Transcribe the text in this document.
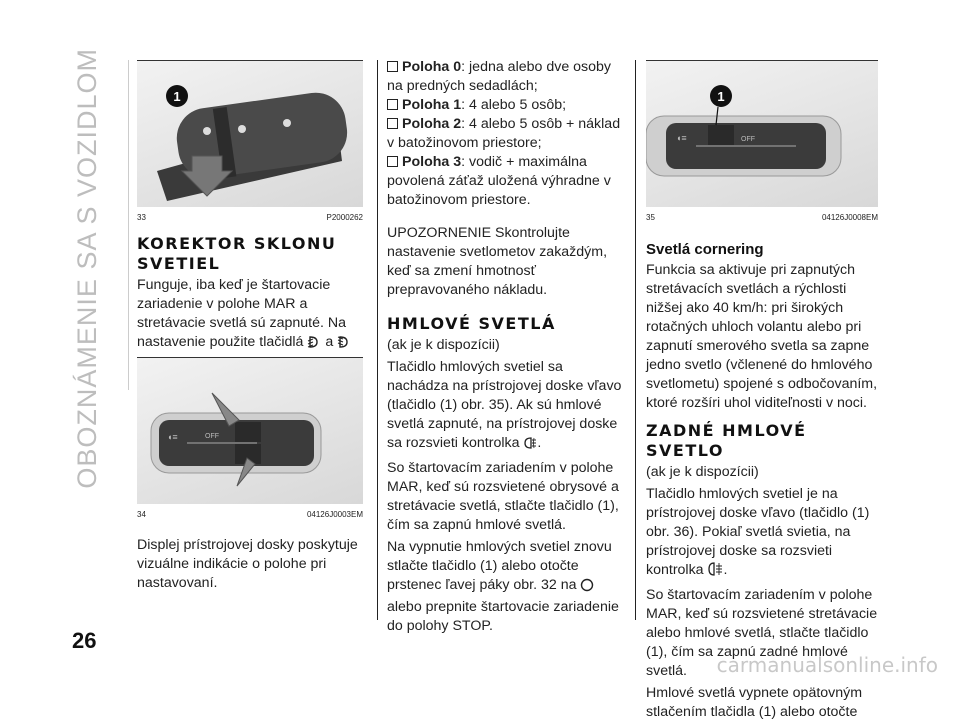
OBOZNÁMENIE SA S VOZIDLOM	1
33	P2000262
KOREKTOR SKLONU SVETIEL

Funguje, iba keď je štartovacie zariadenie v polohe MAR a stretávacie svetlá sú zapnuté. Na nastavenie použite tlačidlá a

◖≡	OFF
34	04126J0003EM

Displej prístrojovej dosky poskytuje vizuálne indikácie o polohe pri nastavovaní.

Poloha 0: jedna alebo dve osoby na predných sedadlách;
Poloha 1: 4 alebo 5 osôb;
Poloha 2: 4 alebo 5 osôb + náklad v batožinovom priestore;
Poloha 3: vodič + maximálna povolená záťaž uložená výhradne v batožinovom priestore.

UPOZORNENIE Skontrolujte nastavenie svetlometov zakaždým, keď sa zmení hmotnosť prepravovaného nákladu.

HMLOVÉ SVETLÁ

(ak je k dispozícii)

Tlačidlo hmlových svetiel sa nachádza na prístrojovej doske vľavo (tlačidlo (1) obr. 35). Ak sú hmlové svetlá zapnuté, na prístrojovej doske sa rozsvieti kontrolka .

So štartovacím zariadením v polohe MAR, keď sú rozsvietené obrysové a stretávacie svetlá, stlačte tlačidlo (1), čím sa zapnú hmlové svetlá.

Na vypnutie hmlových svetiel znovu stlačte tlačidlo (1) alebo otočte prstenec ľavej páky obr. 32 na  alebo prepnite štartovacie zariadenie do polohy STOP.

◖≡	OFF
1
35	04126J0008EM
Svetlá cornering

Funkcia sa aktivuje pri zapnutých stretávacích svetlách a rýchlosti nižšej ako 40 km/h: pri širokých rotačných uhloch volantu alebo pri zapnutí smerového svetla sa zapne jedno svetlo (včlenené do hmlového svetlometu) spojené s odbočovaním, ktoré rozšíri uhol viditeľnosti v noci.

ZADNÉ HMLOVÉ SVETLO

(ak je k dispozícii)

Tlačidlo hmlových svetiel je na prístrojovej doske vľavo (tlačidlo (1) obr. 36). Pokiaľ svetlá svietia, na prístrojovej doske sa rozsvieti kontrolka .

So štartovacím zariadením v polohe MAR, keď sú rozsvietené stretávacie alebo hmlové svetlá, stlačte tlačidlo (1), čím sa zapnú zadné hmlové svetlá.

Hmlové svetlá vypnete opätovným stlačením tlačidla (1) alebo otočte

26
carmanualsonline.info
